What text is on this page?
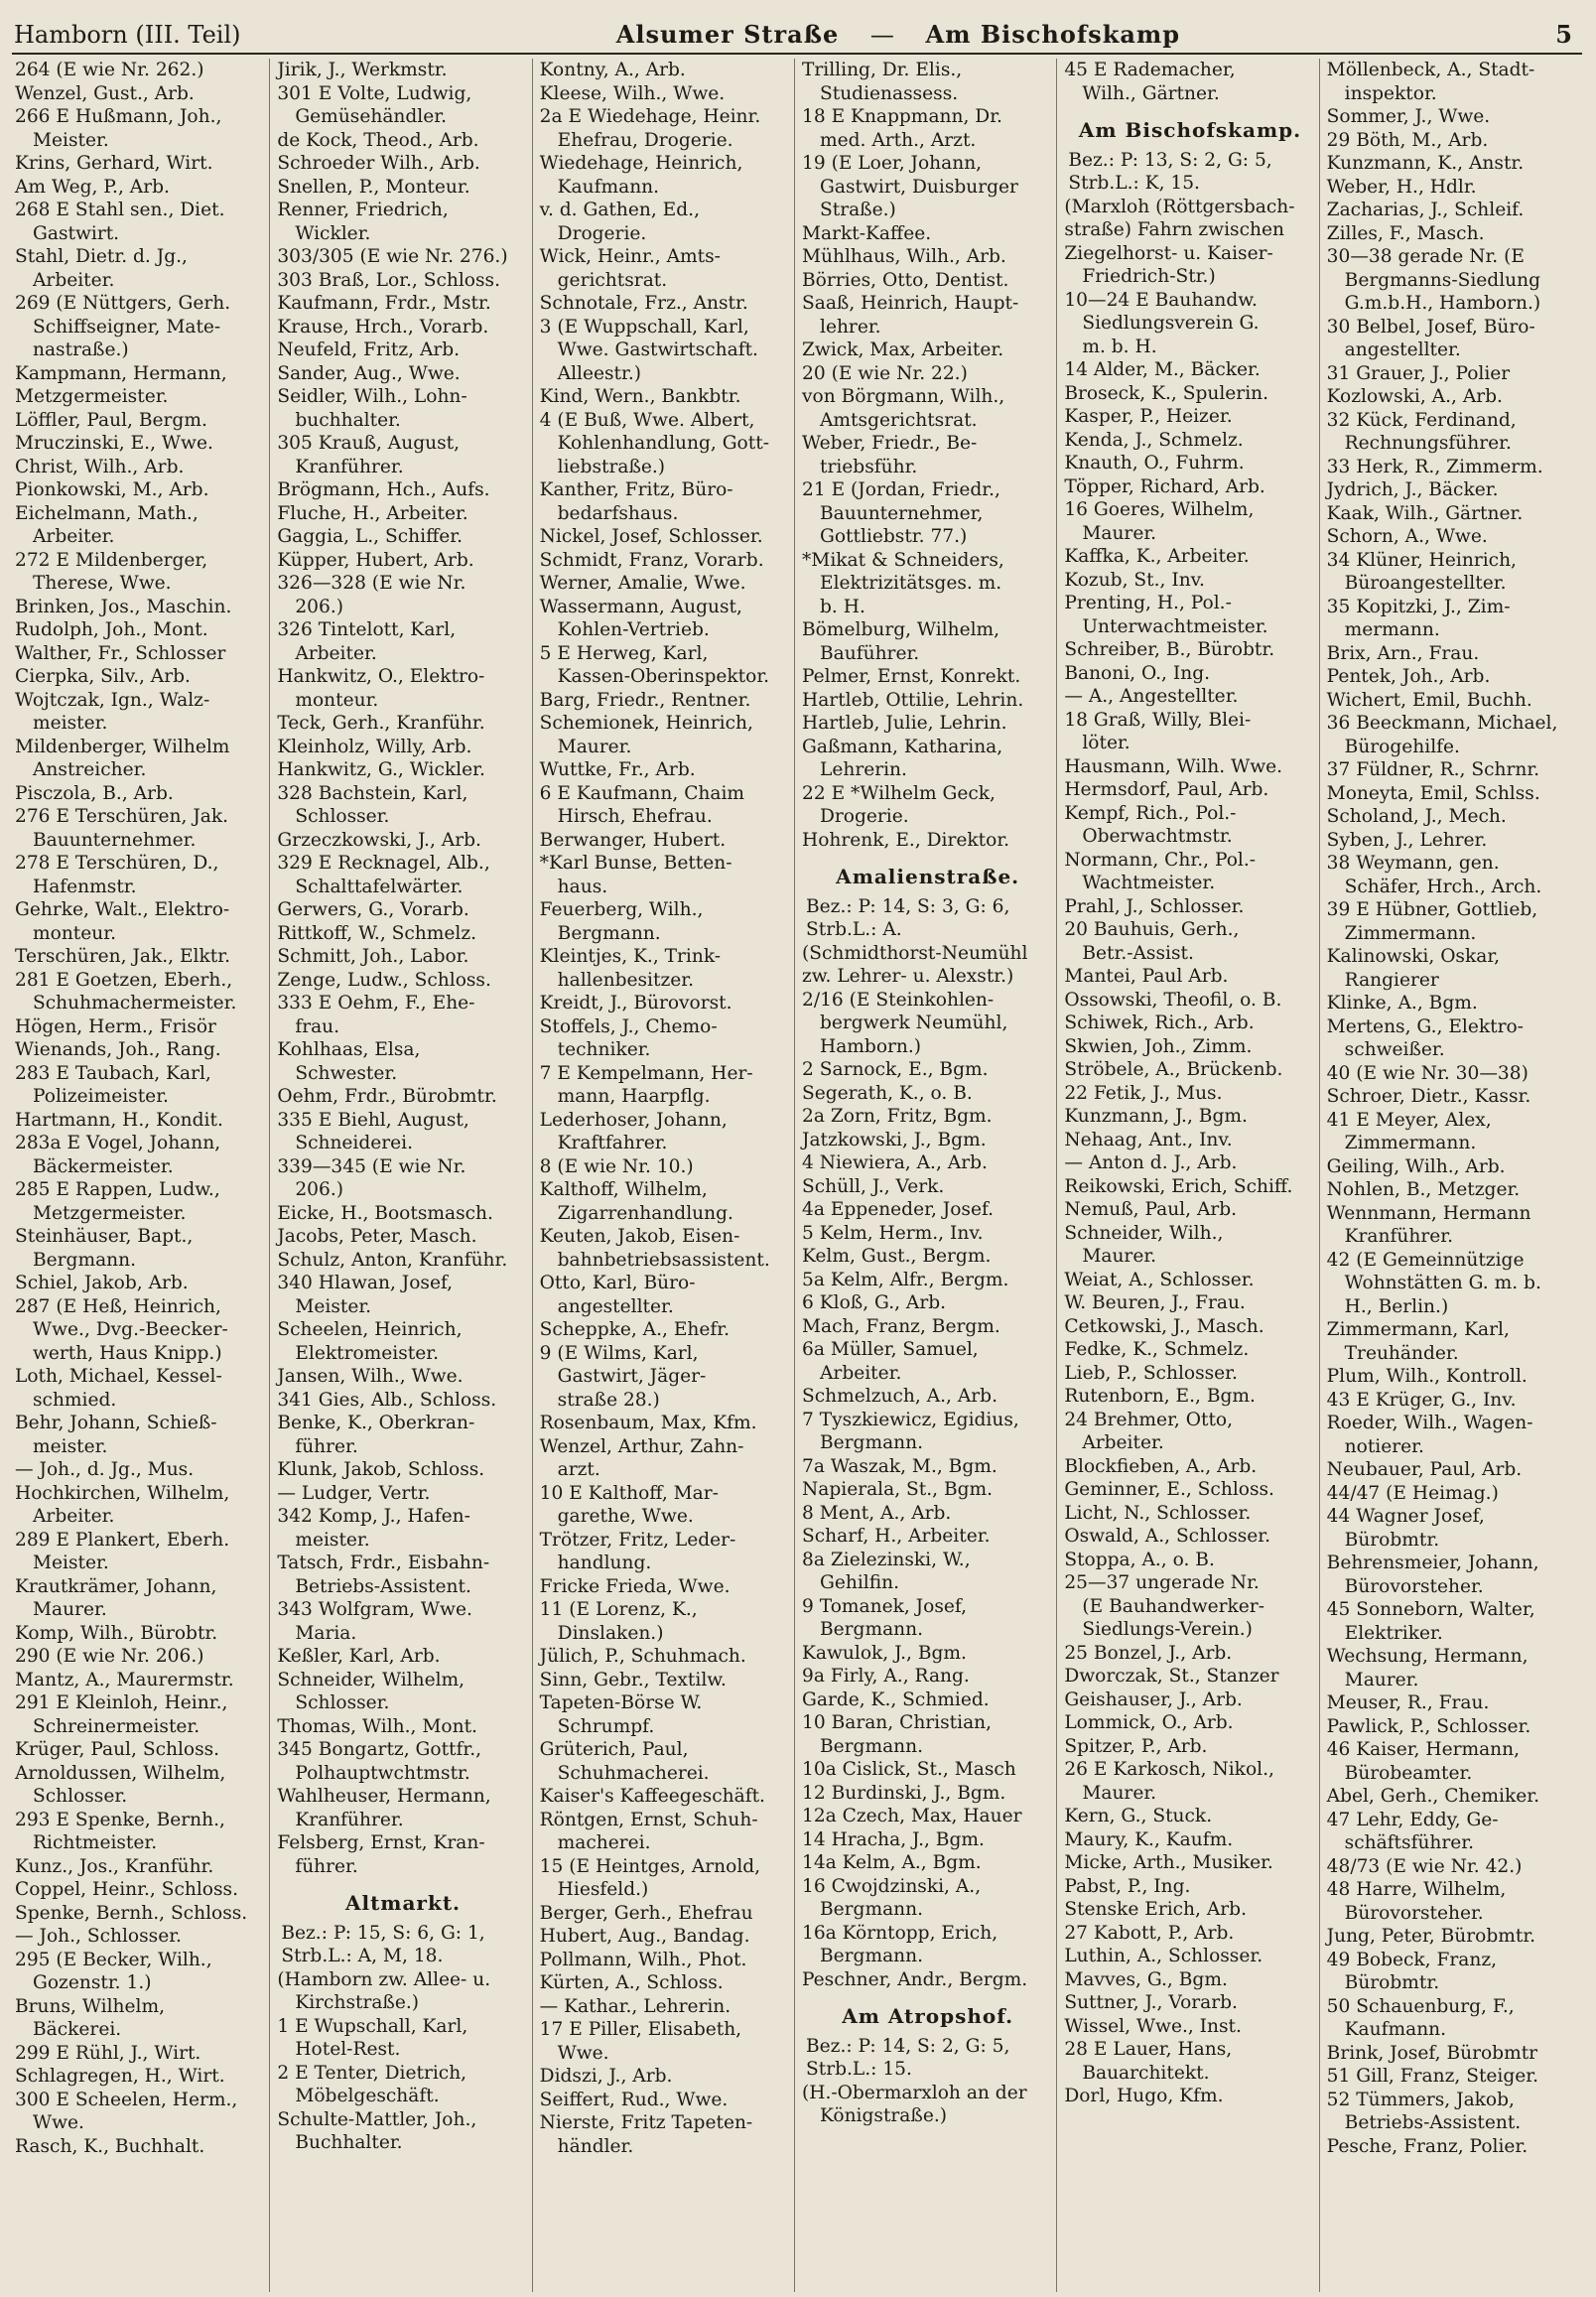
Hamborn (III. Teil)	Alsumer Straße — Am Bischofskamp	5
264 (E wie Nr. 262.)
Wenzel, Gust., Arb.
266 E Hußmann, Joh.,
Meister.
Krins, Gerhard, Wirt.
Am Weg, P., Arb.
268 E Stahl sen., Diet.
Gastwirt.
Stahl, Dietr. d. Jg.,
Arbeiter.
269 (E Nüttgers, Gerh.
Schiffseigner, Mate-
nastraße.)
Kampmann, Hermann,
Metzgermeister.
Löffler, Paul, Bergm.
Mruczinski, E., Wwe.
Christ, Wilh., Arb.
Pionkowski, M., Arb.
Eichelmann, Math.,
Arbeiter.
272 E Mildenberger,
Therese, Wwe.
Brinken, Jos., Maschin.
Rudolph, Joh., Mont.
Walther, Fr., Schlosser
Cierpka, Silv., Arb.
Wojtczak, Ign., Walz-
meister.
Mildenberger, Wilhelm
Anstreicher.
Pisczola, B., Arb.
276 E Terschüren, Jak.
Bauunternehmer.
278 E Terschüren, D.,
Hafenmstr.
Gehrke, Walt., Elektro-
monteur.
Terschüren, Jak., Elktr.
281 E Goetzen, Eberh.,
Schuhmachermeister.
Högen, Herm., Frisör
Wienands, Joh., Rang.
283 E Taubach, Karl,
Polizeimeister.
Hartmann, H., Kondit.
283a E Vogel, Johann,
Bäckermeister.
285 E Rappen, Ludw.,
Metzgermeister.
Steinhäuser, Bapt.,
Bergmann.
Schiel, Jakob, Arb.
287 (E Heß, Heinrich,
Wwe., Dvg.-Beecker-
werth, Haus Knipp.)
Loth, Michael, Kessel-
schmied.
Behr, Johann, Schieß-
meister.
— Joh., d. Jg., Mus.
Hochkirchen, Wilhelm,
Arbeiter.
289 E Plankert, Eberh.
Meister.
Krautkrämer, Johann,
Maurer.
Komp, Wilh., Bürobtr.
290 (E wie Nr. 206.)
Mantz, A., Maurermstr.
291 E Kleinloh, Heinr.,
Schreinermeister.
Krüger, Paul, Schloss.
Arnoldussen, Wilhelm,
Schlosser.
293 E Spenke, Bernh.,
Richtmeister.
Kunz., Jos., Kranführ.
Coppel, Heinr., Schloss.
Spenke, Bernh., Schloss.
— Joh., Schlosser.
295 (E Becker, Wilh.,
Gozenstr. 1.)
Bruns, Wilhelm,
Bäckerei.
299 E Rühl, J., Wirt.
Schlagregen, H., Wirt.
300 E Scheelen, Herm.,
Wwe.
Rasch, K., Buchhalt.
Jirik, J., Werkmstr.
301 E Volte, Ludwig,
Gemüsehändler.
de Kock, Theod., Arb.
Schroeder Wilh., Arb.
Snellen, P., Monteur.
Renner, Friedrich,
Wickler.
303/305 (E wie Nr. 276.)
303 Braß, Lor., Schloss.
Kaufmann, Frdr., Mstr.
Krause, Hrch., Vorarb.
Neufeld, Fritz, Arb.
Sander, Aug., Wwe.
Seidler, Wilh., Lohn-
buchhalter.
305 Krauß, August,
Kranführer.
Brögmann, Hch., Aufs.
Fluche, H., Arbeiter.
Gaggia, L., Schiffer.
Küpper, Hubert, Arb.
326—328 (E wie Nr.
206.)
326 Tintelott, Karl,
Arbeiter.
Hankwitz, O., Elektro-
monteur.
Teck, Gerh., Kranführ.
Kleinholz, Willy, Arb.
Hankwitz, G., Wickler.
328 Bachstein, Karl,
Schlosser.
Grzeczkowski, J., Arb.
329 E Recknagel, Alb.,
Schalttafelwärter.
Gerwers, G., Vorarb.
Rittkoff, W., Schmelz.
Schmitt, Joh., Labor.
Zenge, Ludw., Schloss.
333 E Oehm, F., Ehe-
frau.
Kohlhaas, Elsa,
Schwester.
Oehm, Frdr., Bürobmtr.
335 E Biehl, August,
Schneiderei.
339—345 (E wie Nr.
206.)
Eicke, H., Bootsmasch.
Jacobs, Peter, Masch.
Schulz, Anton, Kranführ.
340 Hlawan, Josef,
Meister.
Scheelen, Heinrich,
Elektromeister.
Jansen, Wilh., Wwe.
341 Gies, Alb., Schloss.
Benke, K., Oberkran-
führer.
Klunk, Jakob, Schloss.
— Ludger, Vertr.
342 Komp, J., Hafen-
meister.
Tatsch, Frdr., Eisbahn-
Betriebs-Assistent.
343 Wolfgram, Wwe.
Maria.
Keßler, Karl, Arb.
Schneider, Wilhelm,
Schlosser.
Thomas, Wilh., Mont.
345 Bongartz, Gottfr.,
Polhauptwchtmstr.
Wahlheuser, Hermann,
Kranführer.
Felsberg, Ernst, Kran-
führer.
Altmarkt.
Bez.: P: 15, S: 6, G: 1,
Strb.L.: A, M, 18.
(Hamborn zw. Allee- u.
Kirchstraße.)
1 E Wupschall, Karl,
Hotel-Rest.
2 E Tenter, Dietrich,
Möbelgeschäft.
Schulte-Mattler, Joh.,
Buchhalter.
Kontny, A., Arb.
Kleese, Wilh., Wwe.
2a E Wiedehage, Heinr.
Ehefrau, Drogerie.
Wiedehage, Heinrich,
Kaufmann.
v. d. Gathen, Ed.,
Drogerie.
Wick, Heinr., Amts-
gerichtsrat.
Schnotale, Frz., Anstr.
3 (E Wuppschall, Karl,
Wwe. Gastwirtschaft.
Alleestr.)
Kind, Wern., Bankbtr.
4 (E Buß, Wwe. Albert,
Kohlenhandlung, Gott-
liebstraße.)
Kanther, Fritz, Büro-
bedarfshaus.
Nickel, Josef, Schlosser.
Schmidt, Franz, Vorarb.
Werner, Amalie, Wwe.
Wassermann, August,
Kohlen-Vertrieb.
5 E Herweg, Karl,
Kassen-Oberinspektor.
Barg, Friedr., Rentner.
Schemionek, Heinrich,
Maurer.
Wuttke, Fr., Arb.
6 E Kaufmann, Chaim
Hirsch, Ehefrau.
Berwanger, Hubert.
*Karl Bunse, Betten-
haus.
Feuerberg, Wilh.,
Bergmann.
Kleintjes, K., Trink-
hallenbesitzer.
Kreidt, J., Bürovorst.
Stoffels, J., Chemo-
techniker.
7 E Kempelmann, Her-
mann, Haarpflg.
Lederhoser, Johann,
Kraftfahrer.
8 (E wie Nr. 10.)
Kalthoff, Wilhelm,
Zigarrenhandlung.
Keuten, Jakob, Eisen-
bahnbetriebsassistent.
Otto, Karl, Büro-
angestellter.
Scheppke, A., Ehefr.
9 (E Wilms, Karl,
Gastwirt, Jäger-
straße 28.)
Rosenbaum, Max, Kfm.
Wenzel, Arthur, Zahn-
arzt.
10 E Kalthoff, Mar-
garethe, Wwe.
Trötzer, Fritz, Leder-
handlung.
Fricke Frieda, Wwe.
11 (E Lorenz, K.,
Dinslaken.)
Jülich, P., Schuhmach.
Sinn, Gebr., Textilw.
Tapeten-Börse W.
Schrumpf.
Grüterich, Paul,
Schuhmacherei.
Kaiser's Kaffeegeschäft.
Röntgen, Ernst, Schuh-
macherei.
15 (E Heintges, Arnold,
Hiesfeld.)
Berger, Gerh., Ehefrau
Hubert, Aug., Bandag.
Pollmann, Wilh., Phot.
Kürten, A., Schloss.
— Kathar., Lehrerin.
17 E Piller, Elisabeth,
Wwe.
Didszi, J., Arb.
Seiffert, Rud., Wwe.
Nierste, Fritz Tapeten-
händler.
Trilling, Dr. Elis.,
Studienassess.
18 E Knappmann, Dr.
med. Arth., Arzt.
19 (E Loer, Johann,
Gastwirt, Duisburger
Straße.)
Markt-Kaffee.
Mühlhaus, Wilh., Arb.
Börries, Otto, Dentist.
Saaß, Heinrich, Haupt-
lehrer.
Zwick, Max, Arbeiter.
20 (E wie Nr. 22.)
von Börgmann, Wilh.,
Amtsgerichtsrat.
Weber, Friedr., Be-
triebsführ.
21 E (Jordan, Friedr.,
Bauunternehmer,
Gottliebstr. 77.)
*Mikat & Schneiders,
Elektrizitätsges. m.
b. H.
Bömelburg, Wilhelm,
Bauführer.
Pelmer, Ernst, Konrekt.
Hartleb, Ottilie, Lehrin.
Hartleb, Julie, Lehrin.
Gaßmann, Katharina,
Lehrerin.
22 E *Wilhelm Geck,
Drogerie.
Hohrenk, E., Direktor.
Amalienstraße.
Bez.: P: 14, S: 3, G: 6,
Strb.L.: A.
(Schmidthorst-Neumühl
zw. Lehrer- u. Alexstr.)
2/16 (E Steinkohlen-
bergwerk Neumühl,
Hamborn.)
2 Sarnock, E., Bgm.
Segerath, K., o. B.
2a Zorn, Fritz, Bgm.
Jatzkowski, J., Bgm.
4 Niewiera, A., Arb.
Schüll, J., Verk.
4a Eppeneder, Josef.
5 Kelm, Herm., Inv.
Kelm, Gust., Bergm.
5a Kelm, Alfr., Bergm.
6 Kloß, G., Arb.
Mach, Franz, Bergm.
6a Müller, Samuel,
Arbeiter.
Schmelzuch, A., Arb.
7 Tyszkiewicz, Egidius,
Bergmann.
7a Waszak, M., Bgm.
Napierala, St., Bgm.
8 Ment, A., Arb.
Scharf, H., Arbeiter.
8a Zielezinski, W.,
Gehilfin.
9 Tomanek, Josef,
Bergmann.
Kawulok, J., Bgm.
9a Firly, A., Rang.
Garde, K., Schmied.
10 Baran, Christian,
Bergmann.
10a Cislick, St., Masch
12 Burdinski, J., Bgm.
12a Czech, Max, Hauer
14 Hracha, J., Bgm.
14a Kelm, A., Bgm.
16 Cwojdzinski, A.,
Bergmann.
16a Körntopp, Erich,
Bergmann.
Peschner, Andr., Bergm.
Am Atropshof.
Bez.: P: 14, S: 2, G: 5,
Strb.L.: 15.
(H.-Obermarxloh an der
Königstraße.)
45 E Rademacher,
Wilh., Gärtner.
Am Bischofskamp.
Bez.: P: 13, S: 2, G: 5,
Strb.L.: K, 15.
(Marxloh (Röttgersbach-
straße) Fahrn zwischen
Ziegelhorst- u. Kaiser-
Friedrich-Str.)
10—24 E Bauhandw.
Siedlungsverein G.
m. b. H.
14 Alder, M., Bäcker.
Broseck, K., Spulerin.
Kasper, P., Heizer.
Kenda, J., Schmelz.
Knauth, O., Fuhrm.
Töpper, Richard, Arb.
16 Goeres, Wilhelm,
Maurer.
Kaffka, K., Arbeiter.
Kozub, St., Inv.
Prenting, H., Pol.-
Unterwachtmeister.
Schreiber, B., Bürobtr.
Banoni, O., Ing.
— A., Angestellter.
18 Graß, Willy, Blei-
löter.
Hausmann, Wilh. Wwe.
Hermsdorf, Paul, Arb.
Kempf, Rich., Pol.-
Oberwachtmstr.
Normann, Chr., Pol.-
Wachtmeister.
Prahl, J., Schlosser.
20 Bauhuis, Gerh.,
Betr.-Assist.
Mantei, Paul Arb.
Ossowski, Theofil, o. B.
Schiwek, Rich., Arb.
Skwien, Joh., Zimm.
Ströbele, A., Brückenb.
22 Fetik, J., Mus.
Kunzmann, J., Bgm.
Nehaag, Ant., Inv.
— Anton d. J., Arb.
Reikowski, Erich, Schiff.
Nemuß, Paul, Arb.
Schneider, Wilh.,
Maurer.
Weiat, A., Schlosser.
W. Beuren, J., Frau.
Cetkowski, J., Masch.
Fedke, K., Schmelz.
Lieb, P., Schlosser.
Rutenborn, E., Bgm.
24 Brehmer, Otto,
Arbeiter.
Blockfieben, A., Arb.
Geminner, E., Schloss.
Licht, N., Schlosser.
Oswald, A., Schlosser.
Stoppa, A., o. B.
25—37 ungerade Nr.
(E Bauhandwerker-
Siedlungs-Verein.)
25 Bonzel, J., Arb.
Dworczak, St., Stanzer
Geishauser, J., Arb.
Lommick, O., Arb.
Spitzer, P., Arb.
26 E Karkosch, Nikol.,
Maurer.
Kern, G., Stuck.
Maury, K., Kaufm.
Micke, Arth., Musiker.
Pabst, P., Ing.
Stenske Erich, Arb.
27 Kabott, P., Arb.
Luthin, A., Schlosser.
Mavves, G., Bgm.
Suttner, J., Vorarb.
Wissel, Wwe., Inst.
28 E Lauer, Hans,
Bauarchitekt.
Dorl, Hugo, Kfm.
Möllenbeck, A., Stadt-
inspektor.
Sommer, J., Wwe.
29 Böth, M., Arb.
Kunzmann, K., Anstr.
Weber, H., Hdlr.
Zacharias, J., Schleif.
Zilles, F., Masch.
30—38 gerade Nr. (E
Bergmanns-Siedlung
G.m.b.H., Hamborn.)
30 Belbel, Josef, Büro-
angestellter.
31 Grauer, J., Polier
Kozlowski, A., Arb.
32 Kück, Ferdinand,
Rechnungsführer.
33 Herk, R., Zimmerm.
Jydrich, J., Bäcker.
Kaak, Wilh., Gärtner.
Schorn, A., Wwe.
34 Klüner, Heinrich,
Büroangestellter.
35 Kopitzki, J., Zim-
mermann.
Brix, Arn., Frau.
Pentek, Joh., Arb.
Wichert, Emil, Buchh.
36 Beeckmann, Michael,
Bürogehilfe.
37 Füldner, R., Schrnr.
Moneyta, Emil, Schlss.
Scholand, J., Mech.
Syben, J., Lehrer.
38 Weymann, gen.
Schäfer, Hrch., Arch.
39 E Hübner, Gottlieb,
Zimmermann.
Kalinowski, Oskar,
Rangierer
Klinke, A., Bgm.
Mertens, G., Elektro-
schweißer.
40 (E wie Nr. 30—38)
Schroer, Dietr., Kassr.
41 E Meyer, Alex,
Zimmermann.
Geiling, Wilh., Arb.
Nohlen, B., Metzger.
Wennmann, Hermann
Kranführer.
42 (E Gemeinnützige
Wohnstätten G. m. b.
H., Berlin.)
Zimmermann, Karl,
Treuhänder.
Plum, Wilh., Kontroll.
43 E Krüger, G., Inv.
Roeder, Wilh., Wagen-
notierer.
Neubauer, Paul, Arb.
44/47 (E Heimag.)
44 Wagner Josef,
Bürobmtr.
Behrensmeier, Johann,
Bürovorsteher.
45 Sonneborn, Walter,
Elektriker.
Wechsung, Hermann,
Maurer.
Meuser, R., Frau.
Pawlick, P., Schlosser.
46 Kaiser, Hermann,
Bürobeamter.
Abel, Gerh., Chemiker.
47 Lehr, Eddy, Ge-
schäftsführer.
48/73 (E wie Nr. 42.)
48 Harre, Wilhelm,
Bürovorsteher.
Jung, Peter, Bürobmtr.
49 Bobeck, Franz,
Bürobmtr.
50 Schauenburg, F.,
Kaufmann.
Brink, Josef, Bürobmtr
51 Gill, Franz, Steiger.
52 Tümmers, Jakob,
Betriebs-Assistent.
Pesche, Franz, Polier.
